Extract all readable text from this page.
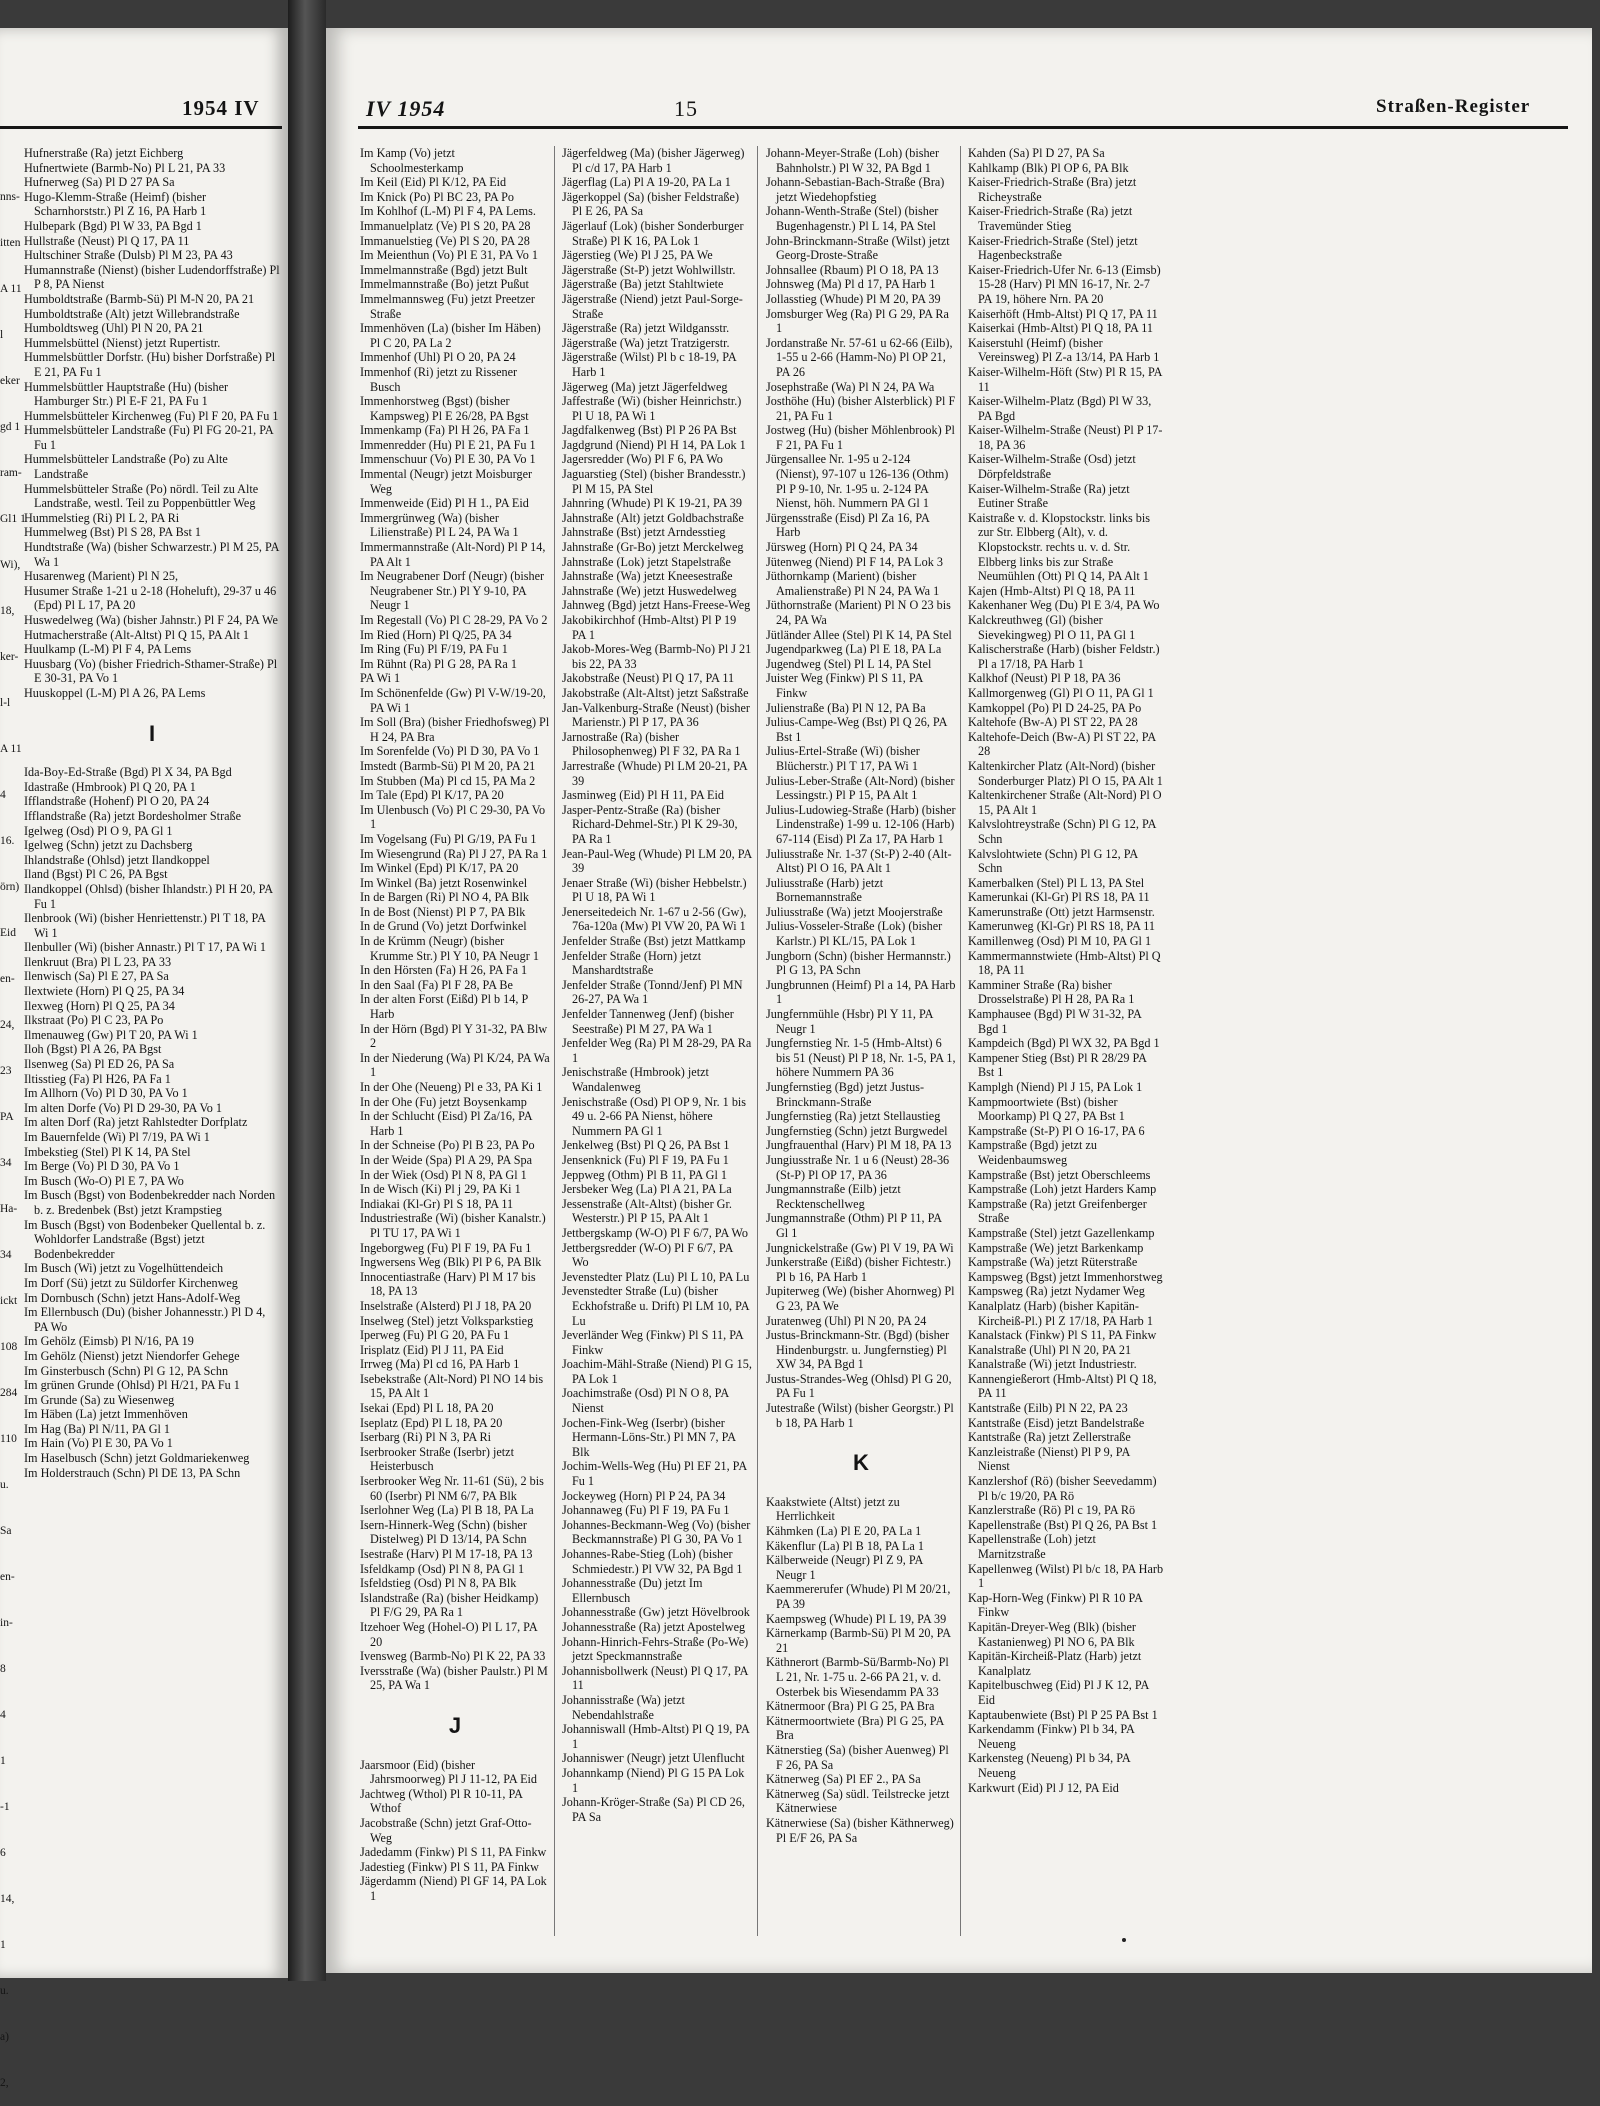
1954 IV
nns-
itten
A 11
l
eker
gd 1
ram-
Gl1 1
Wi),
18,
ker-
l-l
A 11
4
16.
örn)
Eid
en-
24,
23
PA
34
Ha-
34
ickt
108
284
110
u.
Sa
en-
in-
8
4
1
-1
6
14,
1
u.
a)
2,
Hufnerstraße (Ra) jetzt Eichberg
Hufnertwiete (Barmb-No) Pl L 21, PA 33
Hufnerweg (Sa) Pl D 27 PA Sa
Hugo-Klemm-Straße (Heimf) (bisher Scharnhorststr.) Pl Z 16, PA Harb 1
Hulbepark (Bgd) Pl W 33, PA Bgd 1
Hullstraße (Neust) Pl Q 17, PA 11
Hultschiner Straße (Dulsb) Pl M 23, PA 43
Humannstraße (Nienst) (bisher Ludendorffstraße) Pl P 8, PA Nienst
Humboldtstraße (Barmb-Sü) Pl M-N 20, PA 21
Humboldtstraße (Alt) jetzt Willebrandstraße
Humboldtsweg (Uhl) Pl N 20, PA 21
Hummelsbüttel (Nienst) jetzt Rupertistr.
Hummelsbüttler Dorfstr. (Hu) bisher Dorfstraße) Pl E 21, PA Fu 1
Hummelsbüttler Hauptstraße (Hu) (bisher Hamburger Str.) Pl E-F 21, PA Fu 1
Hummelsbütteler Kirchenweg (Fu) Pl F 20, PA Fu 1
Hummelsbütteler Landstraße (Fu) Pl FG 20-21, PA Fu 1
Hummelsbütteler Landstraße (Po) zu Alte Landstraße
Hummelsbütteler Straße (Po) nördl. Teil zu Alte Landstraße, westl. Teil zu Poppenbüttler Weg
Hummelstieg (Ri) Pl L 2, PA Ri
Hummelweg (Bst) Pl S 28, PA Bst 1
Hundtstraße (Wa) (bisher Schwarzestr.) Pl M 25, PA Wa 1
Husarenweg (Marient) Pl N 25,
Husumer Straße 1-21 u 2-18 (Hoheluft), 29-37 u 46 (Epd) Pl L 17, PA 20
Huswedelweg (Wa) (bisher Jahnstr.) Pl F 24, PA We
Hutmacherstraße (Alt-Altst) Pl Q 15, PA Alt 1
Huulkamp (L-M) Pl F 4, PA Lems
Huusbarg (Vo) (bisher Friedrich-Sthamer-Straße) Pl E 30-31, PA Vo 1
Huuskoppel (L-M) Pl A 26, PA Lems
I
Ida-Boy-Ed-Straße (Bgd) Pl X 34, PA Bgd
Idastraße (Hmbrook) Pl Q 20, PA 1
Ifflandstraße (Hohenf) Pl O 20, PA 24
Ifflandstraße (Ra) jetzt Bordesholmer Straße
Igelweg (Osd) Pl O 9, PA Gl 1
Igelweg (Schn) jetzt zu Dachsberg
Ihlandstraße (Ohlsd) jetzt Ilandkoppel
Iland (Bgst) Pl C 26, PA Bgst
Ilandkoppel (Ohlsd) (bisher Ihlandstr.) Pl H 20, PA Fu 1
Ilenbrook (Wi) (bisher Henriettenstr.) Pl T 18, PA Wi 1
Ilenbuller (Wi) (bisher Annastr.) Pl T 17, PA Wi 1
Ilenkruut (Bra) Pl L 23, PA 33
Ilenwisch (Sa) Pl E 27, PA Sa
Ilextwiete (Horn) Pl Q 25, PA 34
Ilexweg (Horn) Pl Q 25, PA 34
Ilkstraat (Po) Pl C 23, PA Po
Ilmenauweg (Gw) Pl T 20, PA Wi 1
Iloh (Bgst) Pl A 26, PA Bgst
Ilsenweg (Sa) Pl ED 26, PA Sa
Iltisstieg (Fa) Pl H26, PA Fa 1
Im Allhorn (Vo) Pl D 30, PA Vo 1
Im alten Dorfe (Vo) Pl D 29-30, PA Vo 1
Im alten Dorf (Ra) jetzt Rahlstedter Dorfplatz
Im Bauernfelde (Wi) Pl 7/19, PA Wi 1
Imbekstieg (Stel) Pl K 14, PA Stel
Im Berge (Vo) Pl D 30, PA Vo 1
Im Busch (Wo-O) Pl E 7, PA Wo
Im Busch (Bgst) von Bodenbekredder nach Norden b. z. Bredenbek (Bst) jetzt Krampstieg
Im Busch (Bgst) von Bodenbeker Quellental b. z. Wohldorfer Landstraße (Bgst) jetzt Bodenbekredder
Im Busch (Wi) jetzt zu Vogelhüttendeich
Im Dorf (Sü) jetzt zu Süldorfer Kirchenweg
Im Dornbusch (Schn) jetzt Hans-Adolf-Weg
Im Ellernbusch (Du) (bisher Johannesstr.) Pl D 4, PA Wo
Im Gehölz (Eimsb) Pl N/16, PA 19
Im Gehölz (Nienst) jetzt Niendorfer Gehege
Im Ginsterbusch (Schn) Pl G 12, PA Schn
Im grünen Grunde (Ohlsd) Pl H/21, PA Fu 1
Im Grunde (Sa) zu Wiesenweg
Im Häben (La) jetzt Immenhöven
Im Hag (Ba) Pl N/11, PA Gl 1
Im Hain (Vo) Pl E 30, PA Vo 1
Im Haselbusch (Schn) jetzt Goldmariekenweg
Im Holderstrauch (Schn) Pl DE 13, PA Schn
IV 1954	15	Straßen-Register
Im Kamp (Vo) jetzt Schoolmesterkamp
Im Keil (Eid) Pl K/12, PA Eid
Im Knick (Po) Pl BC 23, PA Po
Im Kohlhof (L-M) Pl F 4, PA Lems.
Immanuelplatz (Ve) Pl S 20, PA 28
Immanuelstieg (Ve) Pl S 20, PA 28
Im Meienthun (Vo) Pl E 31, PA Vo 1
Immelmannstraße (Bgd) jetzt Bult
Immelmannstraße (Bo) jetzt Pußut
Immelmannsweg (Fu) jetzt Preetzer Straße
Immenhöven (La) (bisher Im Häben) Pl C 20, PA La 2
Immenhof (Uhl) Pl O 20, PA 24
Immenhof (Ri) jetzt zu Rissener Busch
Immenhorstweg (Bgst) (bisher Kampsweg) Pl E 26/28, PA Bgst
Immenkamp (Fa) Pl H 26, PA Fa 1
Immenredder (Hu) Pl E 21, PA Fu 1
Immenschuur (Vo) Pl E 30, PA Vo 1
Immental (Neugr) jetzt Moisburger Weg
Immenweide (Eid) Pl H 1., PA Eid
Immergrünweg (Wa) (bisher Lilienstraße) Pl L 24, PA Wa 1
Immermannstraße (Alt-Nord) Pl P 14, PA Alt 1
Im Neugrabener Dorf (Neugr) (bisher Neugrabener Str.) Pl Y 9-10, PA Neugr 1
Im Regestall (Vo) Pl C 28-29, PA Vo 2
Im Ried (Horn) Pl Q/25, PA 34
Im Ring (Fu) Pl F/19, PA Fu 1
Im Rühnt (Ra) Pl G 28, PA Ra 1
PA Wi 1
Im Schönenfelde (Gw) Pl V-W/19-20, PA Wi 1
Im Soll (Bra) (bisher Friedhofsweg) Pl H 24, PA Bra
Im Sorenfelde (Vo) Pl D 30, PA Vo 1
Imstedt (Barmb-Sü) Pl M 20, PA 21
Im Stubben (Ma) Pl cd 15, PA Ma 2
Im Tale (Epd) Pl K/17, PA 20
Im Ulenbusch (Vo) Pl C 29-30, PA Vo 1
Im Vogelsang (Fu) Pl G/19, PA Fu 1
Im Wiesengrund (Ra) Pl J 27, PA Ra 1
Im Winkel (Epd) Pl K/17, PA 20
Im Winkel (Ba) jetzt Rosenwinkel
In de Bargen (Ri) Pl NO 4, PA Blk
In de Bost (Nienst) Pl P 7, PA Blk
In de Grund (Vo) jetzt Dorfwinkel
In de Krümm (Neugr) (bisher Krumme Str.) Pl Y 10, PA Neugr 1
In den Hörsten (Fa) H 26, PA Fa 1
In den Saal (Fa) Pl F 28, PA Be
In der alten Forst (Eißd) Pl b 14, P Harb
In der Hörn (Bgd) Pl Y 31-32, PA Blw 2
In der Niederung (Wa) Pl K/24, PA Wa 1
In der Ohe (Neueng) Pl e 33, PA Ki 1
In der Ohe (Fu) jetzt Boysenkamp
In der Schlucht (Eisd) Pl Za/16, PA Harb 1
In der Schneise (Po) Pl B 23, PA Po
In der Weide (Spa) Pl A 29, PA Spa
In der Wiek (Osd) Pl N 8, PA Gl 1
In de Wisch (Ki) Pl j 29, PA Ki 1
Indiakai (Kl-Gr) Pl S 18, PA 11
Industriestraße (Wi) (bisher Kanalstr.) Pl TU 17, PA Wi 1
Ingeborgweg (Fu) Pl F 19, PA Fu 1
Ingwersens Weg (Blk) Pl P 6, PA Blk
Innocentiastraße (Harv) Pl M 17 bis 18, PA 13
Inselstraße (Alsterd) Pl J 18, PA 20
Inselweg (Stel) jetzt Volksparkstieg
Iperweg (Fu) Pl G 20, PA Fu 1
Irisplatz (Eid) Pl J 11, PA Eid
Irrweg (Ma) Pl cd 16, PA Harb 1
Isebekstraße (Alt-Nord) Pl NO 14 bis 15, PA Alt 1
Isekai (Epd) Pl L 18, PA 20
Iseplatz (Epd) Pl L 18, PA 20
Iserbarg (Ri) Pl N 3, PA Ri
Iserbrooker Straße (Iserbr) jetzt Heisterbusch
Iserbrooker Weg Nr. 11-61 (Sü), 2 bis 60 (Iserbr) Pl NM 6/7, PA Blk
Iserlohner Weg (La) Pl B 18, PA La
Isern-Hinnerk-Weg (Schn) (bisher Distelweg) Pl D 13/14, PA Schn
Isestraße (Harv) Pl M 17-18, PA 13
Isfeldkamp (Osd) Pl N 8, PA Gl 1
Isfeldstieg (Osd) Pl N 8, PA Blk
Islandstraße (Ra) (bisher Heidkamp) Pl F/G 29, PA Ra 1
Itzehoer Weg (Hohel-O) Pl L 17, PA 20
Ivensweg (Barmb-No) Pl K 22, PA 33
Iversstraße (Wa) (bisher Paulstr.) Pl M 25, PA Wa 1
J
Jaarsmoor (Eid) (bisher Jahrsmoorweg) Pl J 11-12, PA Eid
Jachtweg (Wthol) Pl R 10-11, PA Wthof
Jacobstraße (Schn) jetzt Graf-Otto-Weg
Jadedamm (Finkw) Pl S 11, PA Finkw
Jadestieg (Finkw) Pl S 11, PA Finkw
Jägerdamm (Niend) Pl GF 14, PA Lok 1
Jägerfeldweg (Ma) (bisher Jägerweg) Pl c/d 17, PA Harb 1
Jägerflag (La) Pl A 19-20, PA La 1
Jägerkoppel (Sa) (bisher Feldstraße) Pl E 26, PA Sa
Jägerlauf (Lok) (bisher Sonderburger Straße) Pl K 16, PA Lok 1
Jägerstieg (We) Pl J 25, PA We
Jägerstraße (St-P) jetzt Wohlwillstr.
Jägerstraße (Ba) jetzt Stahltwiete
Jägerstraße (Niend) jetzt Paul-Sorge-Straße
Jägerstraße (Ra) jetzt Wildgansstr.
Jägerstraße (Wa) jetzt Tratzigerstr.
Jägerstraße (Wilst) Pl b c 18-19, PA Harb 1
Jägerweg (Ma) jetzt Jägerfeldweg
Jaffestraße (Wi) (bisher Heinrichstr.) Pl U 18, PA Wi 1
Jagdfalkenweg (Bst) Pl P 26 PA Bst
Jagdgrund (Niend) Pl H 14, PA Lok 1
Jagersredder (Wo) Pl F 6, PA Wo
Jaguarstieg (Stel) (bisher Brandesstr.) Pl M 15, PA Stel
Jahnring (Whude) Pl K 19-21, PA 39
Jahnstraße (Alt) jetzt Goldbachstraße
Jahnstraße (Bst) jetzt Arndesstieg
Jahnstraße (Gr-Bo) jetzt Merckelweg
Jahnstraße (Lok) jetzt Stapelstraße
Jahnstraße (Wa) jetzt Kneesestraße
Jahnstraße (We) jetzt Huswedelweg
Jahnweg (Bgd) jetzt Hans-Freese-Weg
Jakobikirchhof (Hmb-Altst) Pl P 19 PA 1
Jakob-Mores-Weg (Barmb-No) Pl J 21 bis 22, PA 33
Jakobstraße (Neust) Pl Q 17, PA 11
Jakobstraße (Alt-Altst) jetzt Saßstraße
Jan-Valkenburg-Straße (Neust) (bisher Marienstr.) Pl P 17, PA 36
Jarnostraße (Ra) (bisher Philosophenweg) Pl F 32, PA Ra 1
Jarrestraße (Whude) Pl LM 20-21, PA 39
Jasminweg (Eid) Pl H 11, PA Eid
Jasper-Pentz-Straße (Ra) (bisher Richard-Dehmel-Str.) Pl K 29-30, PA Ra 1
Jean-Paul-Weg (Whude) Pl LM 20, PA 39
Jenaer Straße (Wi) (bisher Hebbelstr.) Pl U 18, PA Wi 1
Jenerseitedeich Nr. 1-67 u 2-56 (Gw), 76a-120a (Mw) Pl VW 20, PA Wi 1
Jenfelder Straße (Bst) jetzt Mattkamp
Jenfelder Straße (Horn) jetzt Manshardtstraße
Jenfelder Straße (Tonnd/Jenf) Pl MN 26-27, PA Wa 1
Jenfelder Tannenweg (Jenf) (bisher Seestraße) Pl M 27, PA Wa 1
Jenfelder Weg (Ra) Pl M 28-29, PA Ra 1
Jenischstraße (Hmbrook) jetzt Wandalenweg
Jenischstraße (Osd) Pl OP 9, Nr. 1 bis 49 u. 2-66 PA Nienst, höhere Nummern PA Gl 1
Jenkelweg (Bst) Pl Q 26, PA Bst 1
Jensenknick (Fu) Pl F 19, PA Fu 1
Jeppweg (Othm) Pl B 11, PA Gl 1
Jersbeker Weg (La) Pl A 21, PA La
Jessenstraße (Alt-Altst) (bisher Gr. Westerstr.) Pl P 15, PA Alt 1
Jettbergskamp (W-O) Pl F 6/7, PA Wo
Jettbergsredder (W-O) Pl F 6/7, PA Wo
Jevenstedter Platz (Lu) Pl L 10, PA Lu
Jevenstedter Straße (Lu) (bisher Eckhofstraße u. Drift) Pl LM 10, PA Lu
Jeverländer Weg (Finkw) Pl S 11, PA Finkw
Joachim-Mähl-Straße (Niend) Pl G 15, PA Lok 1
Joachimstraße (Osd) Pl N O 8, PA Nienst
Jochen-Fink-Weg (Iserbr) (bisher Hermann-Löns-Str.) Pl MN 7, PA Blk
Jochim-Wells-Weg (Hu) Pl EF 21, PA Fu 1
Jockeyweg (Horn) Pl P 24, PA 34
Johannaweg (Fu) Pl F 19, PA Fu 1
Johannes-Beckmann-Weg (Vo) (bisher Beckmannstraße) Pl G 30, PA Vo 1
Johannes-Rabe-Stieg (Loh) (bisher Schmiedestr.) Pl VW 32, PA Bgd 1
Johannesstraße (Du) jetzt Im Ellernbusch
Johannesstraße (Gw) jetzt Hövelbrook
Johannesstraße (Ra) jetzt Apostelweg
Johann-Hinrich-Fehrs-Straße (Po-We) jetzt Speckmannstraße
Johannisbollwerk (Neust) Pl Q 17, PA 11
Johannisstraße (Wa) jetzt Nebendahlstraße
Johanniswall (Hmb-Altst) Pl Q 19, PA 1
Johanniswег (Neugr) jetzt Ulenflucht
Johannkamp (Niend) Pl G 15 PA Lok 1
Johann-Kröger-Straße (Sa) Pl CD 26, PA Sa
Johann-Meyer-Straße (Loh) (bisher Bahnholstr.) Pl W 32, PA Bgd 1
Johann-Sebastian-Bach-Straße (Bra) jetzt Wiedehopfstieg
Johann-Wenth-Straße (Stel) (bisher Bugenhagenstr.) Pl L 14, PA Stel
John-Brinckmann-Straße (Wilst) jetzt Georg-Droste-Straße
Johnsallee (Rbaum) Pl O 18, PA 13
Johnsweg (Ma) Pl d 17, PA Harb 1
Jollasstieg (Whude) Pl M 20, PA 39
Jomsburger Weg (Ra) Pl G 29, PA Ra 1
Jordanstraße Nr. 57-61 u 62-66 (Eilb), 1-55 u 2-66 (Hamm-No) Pl OP 21, PA 26
Josephstraße (Wa) Pl N 24, PA Wa
Josthöhe (Hu) (bisher Alsterblick) Pl F 21, PA Fu 1
Jostweg (Hu) (bisher Möhlenbrook) Pl F 21, PA Fu 1
Jürgensallee Nr. 1-95 u 2-124 (Nienst), 97-107 u 126-136 (Othm) Pl P 9-10, Nr. 1-95 u. 2-124 PA Nienst, höh. Nummern PA Gl 1
Jürgensstraße (Eisd) Pl Za 16, PA Harb
Jürsweg (Horn) Pl Q 24, PA 34
Jütenweg (Niend) Pl F 14, PA Lok 3
Jüthornkamp (Marient) (bisher Amalienstraße) Pl N 24, PA Wa 1
Jüthornstraße (Marient) Pl N O 23 bis 24, PA Wa
Jütländer Allee (Stel) Pl K 14, PA Stel
Jugendparkweg (La) Pl E 18, PA La
Jugendweg (Stel) Pl L 14, PA Stel
Juister Weg (Finkw) Pl S 11, PA Finkw
Julienstraße (Ba) Pl N 12, PA Ba
Julius-Campe-Weg (Bst) Pl Q 26, PA Bst 1
Julius-Ertel-Straße (Wi) (bisher Blücherstr.) Pl T 17, PA Wi 1
Julius-Leber-Straße (Alt-Nord) (bisher Lessingstr.) Pl P 15, PA Alt 1
Julius-Ludowieg-Straße (Harb) (bisher Lindenstraße) 1-99 u. 12-106 (Harb) 67-114 (Eisd) Pl Za 17, PA Harb 1
Juliusstraße Nr. 1-37 (St-P) 2-40 (Alt-Altst) Pl O 16, PA Alt 1
Juliusstraße (Harb) jetzt Bornemannstraße
Juliusstraße (Wa) jetzt Moojerstraße
Julius-Vosseler-Straße (Lok) (bisher Karlstr.) Pl KL/15, PA Lok 1
Jungborn (Schn) (bisher Hermannstr.) Pl G 13, PA Schn
Jungbrunnen (Heimf) Pl a 14, PA Harb 1
Jungfernmühle (Hsbr) Pl Y 11, PA Neugr 1
Jungfernstieg Nr. 1-5 (Hmb-Altst) 6 bis 51 (Neust) Pl P 18, Nr. 1-5, PA 1, höhere Nummern PA 36
Jungfernstieg (Bgd) jetzt Justus-Brinckmann-Straße
Jungfernstieg (Ra) jetzt Stellaustieg
Jungfernstieg (Schn) jetzt Burgwedel
Jungfrauenthal (Harv) Pl M 18, PA 13
Jungiusstraße Nr. 1 u 6 (Neust) 28-36 (St-P) Pl OP 17, PA 36
Jungmannstraße (Eilb) jetzt Recktenschellweg
Jungmannstraße (Othm) Pl P 11, PA Gl 1
Jungnickelstraße (Gw) Pl V 19, PA Wi
Junkerstraße (Eißd) (bisher Fichtestr.) Pl b 16, PA Harb 1
Jupiterweg (We) (bisher Ahornweg) Pl G 23, PA We
Juratenweg (Uhl) Pl N 20, PA 24
Justus-Brinckmann-Str. (Bgd) (bisher Hindenburgstr. u. Jungfernstieg) Pl XW 34, PA Bgd 1
Justus-Strandes-Weg (Ohlsd) Pl G 20, PA Fu 1
Jutestraße (Wilst) (bisher Georgstr.) Pl b 18, PA Harb 1
K
Kaakstwiete (Altst) jetzt zu Herrlichkeit
Kähmken (La) Pl E 20, PA La 1
Käkenflur (La) Pl B 18, PA La 1
Kälberweide (Neugr) Pl Z 9, PA Neugr 1
Kaemmererufer (Whude) Pl M 20/21, PA 39
Kaempsweg (Whude) Pl L 19, PA 39
Kärnerkamp (Barmb-Sü) Pl M 20, PA 21
Käthnerort (Barmb-Sü/Barmb-No) Pl L 21, Nr. 1-75 u. 2-66 PA 21, v. d. Osterbek bis Wiesendamm PA 33
Kätnermoor (Bra) Pl G 25, PA Bra
Kätnermoortwiete (Bra) Pl G 25, PA Bra
Kätnerstieg (Sa) (bisher Auenweg) Pl F 26, PA Sa
Kätnerweg (Sa) Pl EF 2., PA Sa
Kätnerweg (Sa) südl. Teilstrecke jetzt Kätnerwiese
Kätnerwiese (Sa) (bisher Käthnerweg) Pl E/F 26, PA Sa
Kahden (Sa) Pl D 27, PA Sa
Kahlkamp (Blk) Pl OP 6, PA Blk
Kaiser-Friedrich-Straße (Bra) jetzt Richeystraße
Kaiser-Friedrich-Straße (Ra) jetzt Travemünder Stieg
Kaiser-Friedrich-Straße (Stel) jetzt Hagenbeckstraße
Kaiser-Friedrich-Ufer Nr. 6-13 (Eimsb) 15-28 (Harv) Pl MN 16-17, Nr. 2-7 PA 19, höhere Nrn. PA 20
Kaiserhöft (Hmb-Altst) Pl Q 17, PA 11
Kaiserkai (Hmb-Altst) Pl Q 18, PA 11
Kaiserstuhl (Heimf) (bisher Vereinsweg) Pl Z-a 13/14, PA Harb 1
Kaiser-Wilhelm-Höft (Stw) Pl R 15, PA 11
Kaiser-Wilhelm-Platz (Bgd) Pl W 33, PA Bgd
Kaiser-Wilhelm-Straße (Neust) Pl P 17-18, PA 36
Kaiser-Wilhelm-Straße (Osd) jetzt Dörpfeldstraße
Kaiser-Wilhelm-Straße (Ra) jetzt Eutiner Straße
Kaistraße v. d. Klopstockstr. links bis zur Str. Elbberg (Alt), v. d. Klopstockstr. rechts u. v. d. Str. Elbberg links bis zur Straße Neumühlen (Ott) Pl Q 14, PA Alt 1
Kajen (Hmb-Altst) Pl Q 18, PA 11
Kakenhaner Weg (Du) Pl E 3/4, PA Wo
Kalckreuthweg (Gl) (bisher Sievekingweg) Pl O 11, PA Gl 1
Kalischerstraße (Harb) (bisher Feldstr.) Pl a 17/18, PA Harb 1
Kalkhof (Neust) Pl P 18, PA 36
Kallmorgenweg (Gl) Pl O 11, PA Gl 1
Kamkoppel (Po) Pl D 24-25, PA Po
Kaltehofe (Bw-A) Pl ST 22, PA 28
Kaltehofe-Deich (Bw-A) Pl ST 22, PA 28
Kaltenkircher Platz (Alt-Nord) (bisher Sonderburger Platz) Pl O 15, PA Alt 1
Kaltenkirchener Straße (Alt-Nord) Pl O 15, PA Alt 1
Kalvslohtreystraße (Schn) Pl G 12, PA Schn
Kalvslohtwiete (Schn) Pl G 12, PA Schn
Kamerbalken (Stel) Pl L 13, PA Stel
Kamerunkai (Kl-Gr) Pl RS 18, PA 11
Kamerunstraße (Ott) jetzt Harmsenstr.
Kamerunweg (Kl-Gr) Pl RS 18, PA 11
Kamillenweg (Osd) Pl M 10, PA Gl 1
Kammermannstwiete (Hmb-Altst) Pl Q 18, PA 11
Kamminer Straße (Ra) bisher Drosselstraße) Pl H 28, PA Ra 1
Kamphausee (Bgd) Pl W 31-32, PA Bgd 1
Kampdeich (Bgd) Pl WX 32, PA Bgd 1
Kampener Stieg (Bst) Pl R 28/29 PA Bst 1
Kamplgh (Niend) Pl J 15, PA Lok 1
Kampmoortwiete (Bst) (bisher Moorkamp) Pl Q 27, PA Bst 1
Kampstraße (St-P) Pl O 16-17, PA 6
Kampstraße (Bgd) jetzt zu Weidenbaumsweg
Kampstraße (Bst) jetzt Oberschleems
Kampstraße (Loh) jetzt Harders Kamp
Kampstraße (Ra) jetzt Greifenberger Straße
Kampstraße (Stel) jetzt Gazellenkamp
Kampstraße (We) jetzt Barkenkamp
Kampstraße (Wa) jetzt Rüterstraße
Kampsweg (Bgst) jetzt Immenhorstweg
Kampsweg (Ra) jetzt Nydamer Weg
Kanalplatz (Harb) (bisher Kapitän-Kircheiß-Pl.) Pl Z 17/18, PA Harb 1
Kanalstack (Finkw) Pl S 11, PA Finkw
Kanalstraße (Uhl) Pl N 20, PA 21
Kanalstraße (Wi) jetzt Industriestr.
Kannengießerort (Hmb-Altst) Pl Q 18, PA 11
Kantstraße (Eilb) Pl N 22, PA 23
Kantstraße (Eisd) jetzt Bandelstraße
Kantstraße (Ra) jetzt Zellerstraße
Kanzleistraße (Nienst) Pl P 9, PA Nienst
Kanzlershof (Rö) (bisher Seevedamm) Pl b/c 19/20, PA Rö
Kanzlerstraße (Rö) Pl c 19, PA Rö
Kapellenstraße (Bst) Pl Q 26, PA Bst 1
Kapellenstraße (Loh) jetzt Marnitzstraße
Kapellenweg (Wilst) Pl b/c 18, PA Harb 1
Kap-Horn-Weg (Finkw) Pl R 10 PA Finkw
Kapitän-Dreyer-Weg (Blk) (bisher Kastanienweg) Pl NO 6, PA Blk
Kapitän-Kircheiß-Platz (Harb) jetzt Kanalplatz
Kapitelbuschweg (Eid) Pl J K 12, PA Eid
Kaptaubenwiete (Bst) Pl P 25 PA Bst 1
Karkendamm (Finkw) Pl b 34, PA Neueng
Karkensteg (Neueng) Pl b 34, PA Neueng
Karkwurt (Eid) Pl J 12, PA Eid
